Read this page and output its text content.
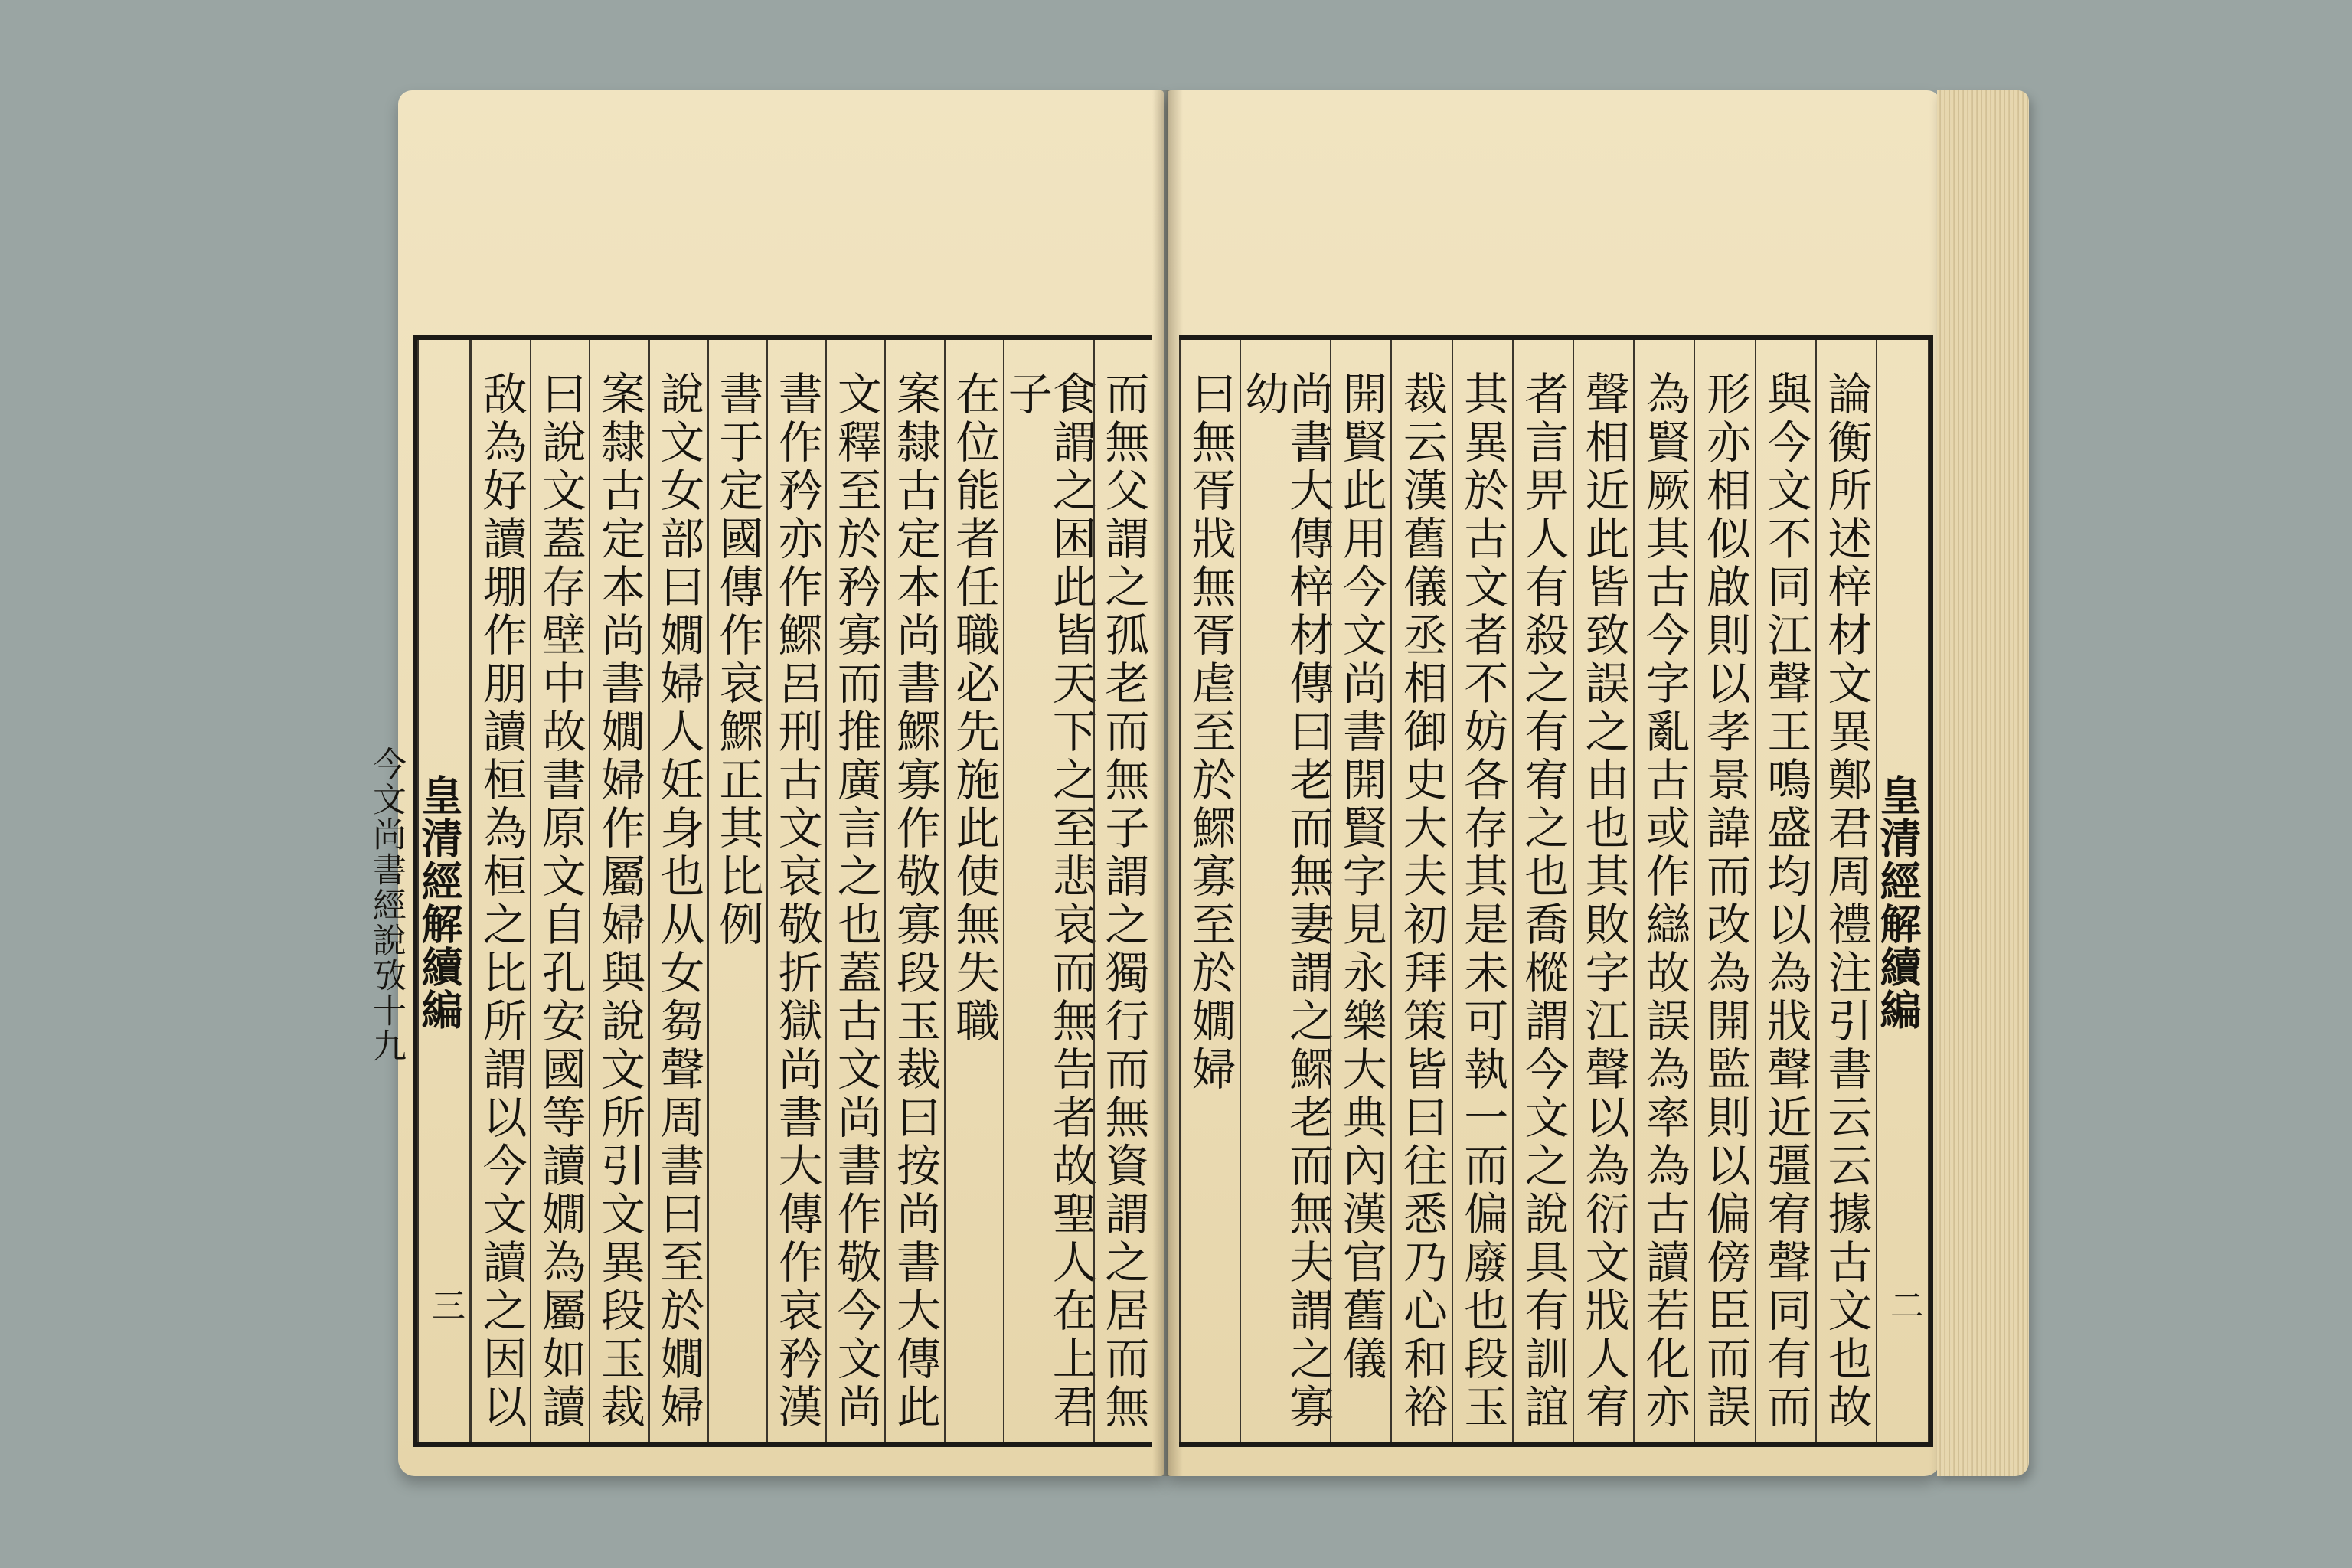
而無父謂之孤老而無子謂之獨行而無資謂之居而無
食謂之困此皆天下之至悲哀而無告者故聖人在上君子
在位能者任職必先施此使無失職
案隸古定本尚書鰥寡作敬寡段玉裁曰按尚書大傳此
文釋至於矜寡而推廣言之也蓋古文尚書作敬今文尚
書作矜亦作鰥呂刑古文哀敬折獄尚書大傳作哀矜漢
書于定國傳作哀鰥正其比例
說文女部曰嫺婦人妊身也从女芻聲周書曰至於嫺婦
案隸古定本尚書嫺婦作屬婦與說文所引文異段玉裁
曰說文蓋存壁中故書原文自孔安國等讀嫺為屬如讀
敌為好讀堋作朋讀桓為桓之比所謂以今文讀之因以
皇清經解續編
今文尚書經說攷十九
三
皇清經解續編
二
論衡所述梓材文異鄭君周禮注引書云云據古文也故
與今文不同江聲王鳴盛均以為戕聲近彊宥聲同有而
形亦相似啟則以孝景諱而改為開監則以偏傍臣而誤
為賢厥其古今字亂古或作䜌故誤為率為古讀若化亦
聲相近此皆致誤之由也其敗字江聲以為衍文戕人宥
者言畀人有殺之有宥之也喬樅謂今文之說具有訓誼
其異於古文者不妨各存其是未可執一而偏廢也段玉
裁云漢舊儀丞相御史大夫初拜策皆曰往悉乃心和裕
開賢此用今文尚書開賢字見永樂大典內漢官舊儀
尚書大傳梓材傳曰老而無妻謂之鰥老而無夫謂之寡幼
曰無胥戕無胥虐至於鰥寡至於嫺婦
